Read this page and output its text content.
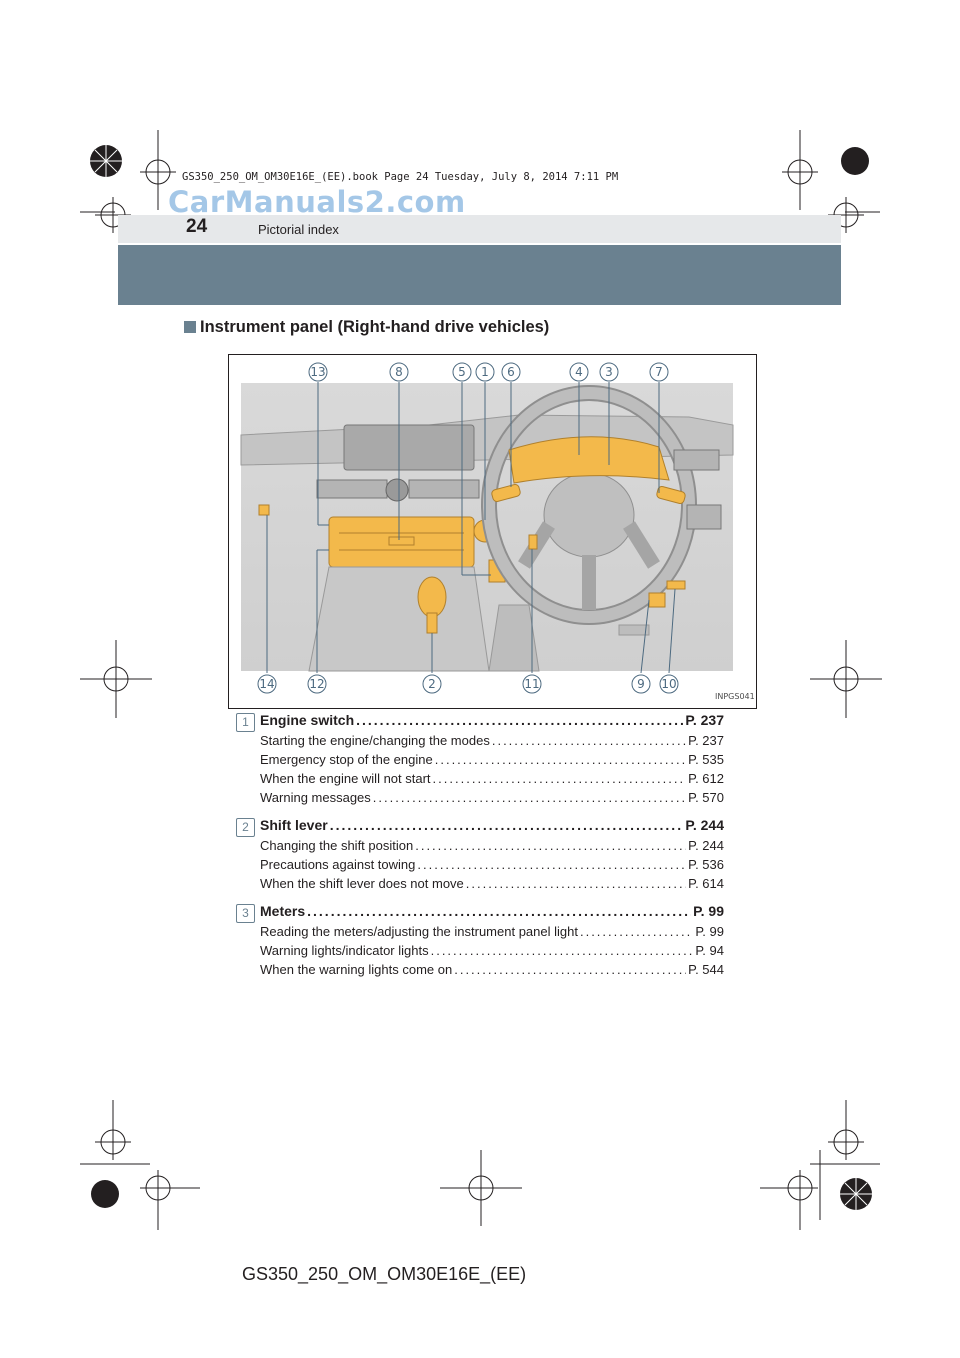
GS350_250_OM_OM30E16E_(EE).book Page 24 Tuesday, July 8, 2014 7:11 PM
CarManuals2.com
24	Pictorial index
Instrument panel (Right-hand drive vehicles)
13	8	5 1 6	4 3	7
14	12	2	11	9 10
INPGS041
1 Engine switch .....	P. 237
Starting the engine/changing the modes .....	P. 237
Emergency stop of the engine .....	P. 535
When the engine will not start .....	P. 612
Warning messages .....	P. 570
2 Shift lever .....	P. 244
Changing the shift position .....	P. 244
Precautions against towing .....	P. 536
When the shift lever does not move .....	P. 614
3 Meters .....	P. 99
Reading the meters/adjusting the instrument panel light .....	P. 99
Warning lights/indicator lights .....	P. 94
When the warning lights come on .....	P. 544
GS350_250_OM_OM30E16E_(EE)
